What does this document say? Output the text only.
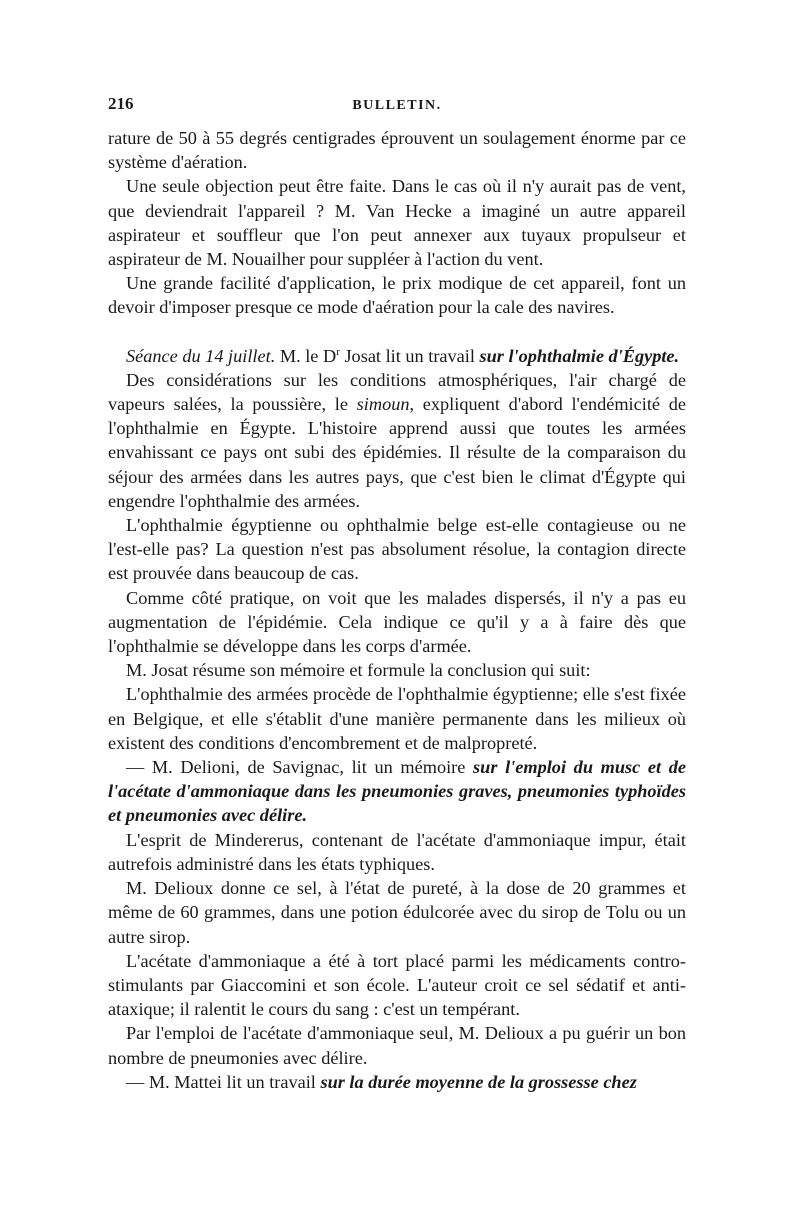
216	BULLETIN.

rature de 50 à 55 degrés centigrades éprouvent un soulagement énorme par ce système d'aération.

Une seule objection peut être faite. Dans le cas où il n'y aurait pas de vent, que deviendrait l'appareil ? M. Van Hecke a imaginé un autre appareil aspirateur et souffleur que l'on peut annexer aux tuyaux propulseur et aspirateur de M. Nouailher pour suppléer à l'action du vent.

Une grande facilité d'application, le prix modique de cet appareil, font un devoir d'imposer presque ce mode d'aération pour la cale des navires.

Séance du 14 juillet. M. le $D^r$ Josat lit un travail sur l'ophthalmie d'Égypte.

Des considérations sur les conditions atmosphériques, l'air chargé de vapeurs salées, la poussière, le simoun, expliquent d'abord l'endémicité de l'ophthalmie en Égypte. L'histoire apprend aussi que toutes les armées envahissant ce pays ont subi des épidémies. Il résulte de la comparaison du séjour des armées dans les autres pays, que c'est bien le climat d'Égypte qui engendre l'ophthalmie des armées.

L'ophthalmie égyptienne ou ophthalmie belge est-elle contagieuse ou ne l'est-elle pas? La question n'est pas absolument résolue, la contagion directe est prouvée dans beaucoup de cas.

Comme côté pratique, on voit que les malades dispersés, il n'y a pas eu augmentation de l'épidémie. Cela indique ce qu'il y a à faire dès que l'ophthalmie se développe dans les corps d'armée.

M. Josat résume son mémoire et formule la conclusion qui suit:

L'ophthalmie des armées procède de l'ophthalmie égyptienne; elle s'est fixée en Belgique, et elle s'établit d'une manière permanente dans les milieux où existent des conditions d'encombrement et de malpropreté.

— M. Delioni, de Savignac, lit un mémoire sur l'emploi du musc et de l'acétate d'ammoniaque dans les pneumonies graves, pneumonies typhoïdes et pneumonies avec délire.

L'esprit de Mindererus, contenant de l'acétate d'ammoniaque impur, était autrefois administré dans les états typhiques.

M. Delioux donne ce sel, à l'état de pureté, à la dose de 20 grammes et même de 60 grammes, dans une potion édulcorée avec du sirop de Tolu ou un autre sirop.

L'acétate d'ammoniaque a été à tort placé parmi les médicaments contro-stimulants par Giaccomini et son école. L'auteur croit ce sel sédatif et anti-ataxique; il ralentit le cours du sang : c'est un tempérant.

Par l'emploi de l'acétate d'ammoniaque seul, M. Delioux a pu guérir un bon nombre de pneumonies avec délire.

— M. Mattei lit un travail sur la durée moyenne de la grossesse chez
